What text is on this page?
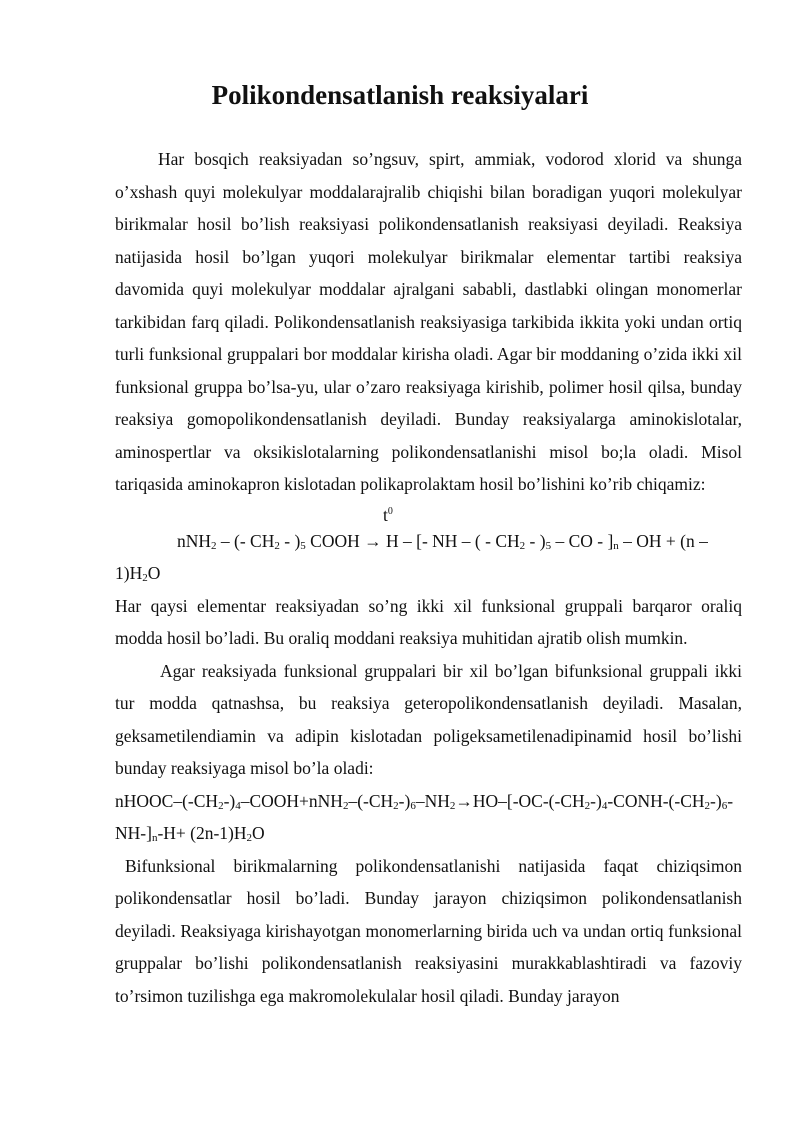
Polikondensatlanish reaksiyalari

Har bosqich reaksiyadan so’ngsuv, spirt, ammiak, vodorod xlorid va shunga o’xshash quyi molekulyar moddalarajralib chiqishi bilan boradigan yuqori molekulyar birikmalar hosil bo’lish reaksiyasi polikondensatlanish reaksiyasi deyiladi. Reaksiya natijasida hosil bo’lgan yuqori molekulyar birikmalar elementar tartibi reaksiya davomida quyi molekulyar moddalar ajralgani sababli, dastlabki olingan monomerlar tarkibidan farq qiladi. Polikondensatlanish reaksiyasiga tarkibida ikkita yoki undan ortiq turli funksional gruppalari bor moddalar kirisha oladi. Agar bir moddaning o’zida ikki xil funksional gruppa bo’lsa-yu, ular o’zaro reaksiyaga kirishib, polimer hosil qilsa, bunday reaksiya gomopolikondensatlanish deyiladi. Bunday reaksiyalarga aminokislotalar, aminospertlar va oksikislotalarning polikondensatlanishi misol bo;la oladi. Misol tariqasida aminokapron kislotadan polikaprolaktam hosil bo’lishini ko’rib chiqamiz:

$t^0$

nNH$_2$ – (- $CH_2 - )_5$ COOH → H – [- NH – ( - $CH_2 - )_5$ – CO - ]$_n$ – OH + $(n - 1)H_2O$

Har qaysi elementar reaksiyadan so’ng ikki xil funksional gruppali barqaror oraliq modda hosil bo’ladi. Bu oraliq moddani reaksiya muhitidan ajratib olish mumkin.

Agar reaksiyada funksional gruppalari bir xil bo’lgan bifunksional gruppali ikki tur modda qatnashsa, bu reaksiya geteropolikondensatlanish deyiladi. Masalan, geksametilendiamin va adipin kislotadan poligeksametilenadipinamid hosil bo’lishi bunday reaksiyaga misol bo’la oladi:

nHOOC–$(-CH_2-)_4-COOH+nNH_2-(-CH_2-)_6-NH_2\to HO-[-OC-(-CH_2-)_4-CONH-(-CH_2-)_6-NH-]_n-H+ (2n-1)H_2O$

Bifunksional birikmalarning polikondensatlanishi natijasida faqat chiziqsimon polikondensatlar hosil bo’ladi. Bunday jarayon chiziqsimon polikondensatlanish deyiladi. Reaksiyaga kirishayotgan monomerlarning birida uch va undan ortiq funksional gruppalar bo’lishi polikondensatlanish reaksiyasini murakkablashtiradi va fazoviy to’rsimon tuzilishga ega makromolekulalar hosil qiladi. Bunday jarayon
